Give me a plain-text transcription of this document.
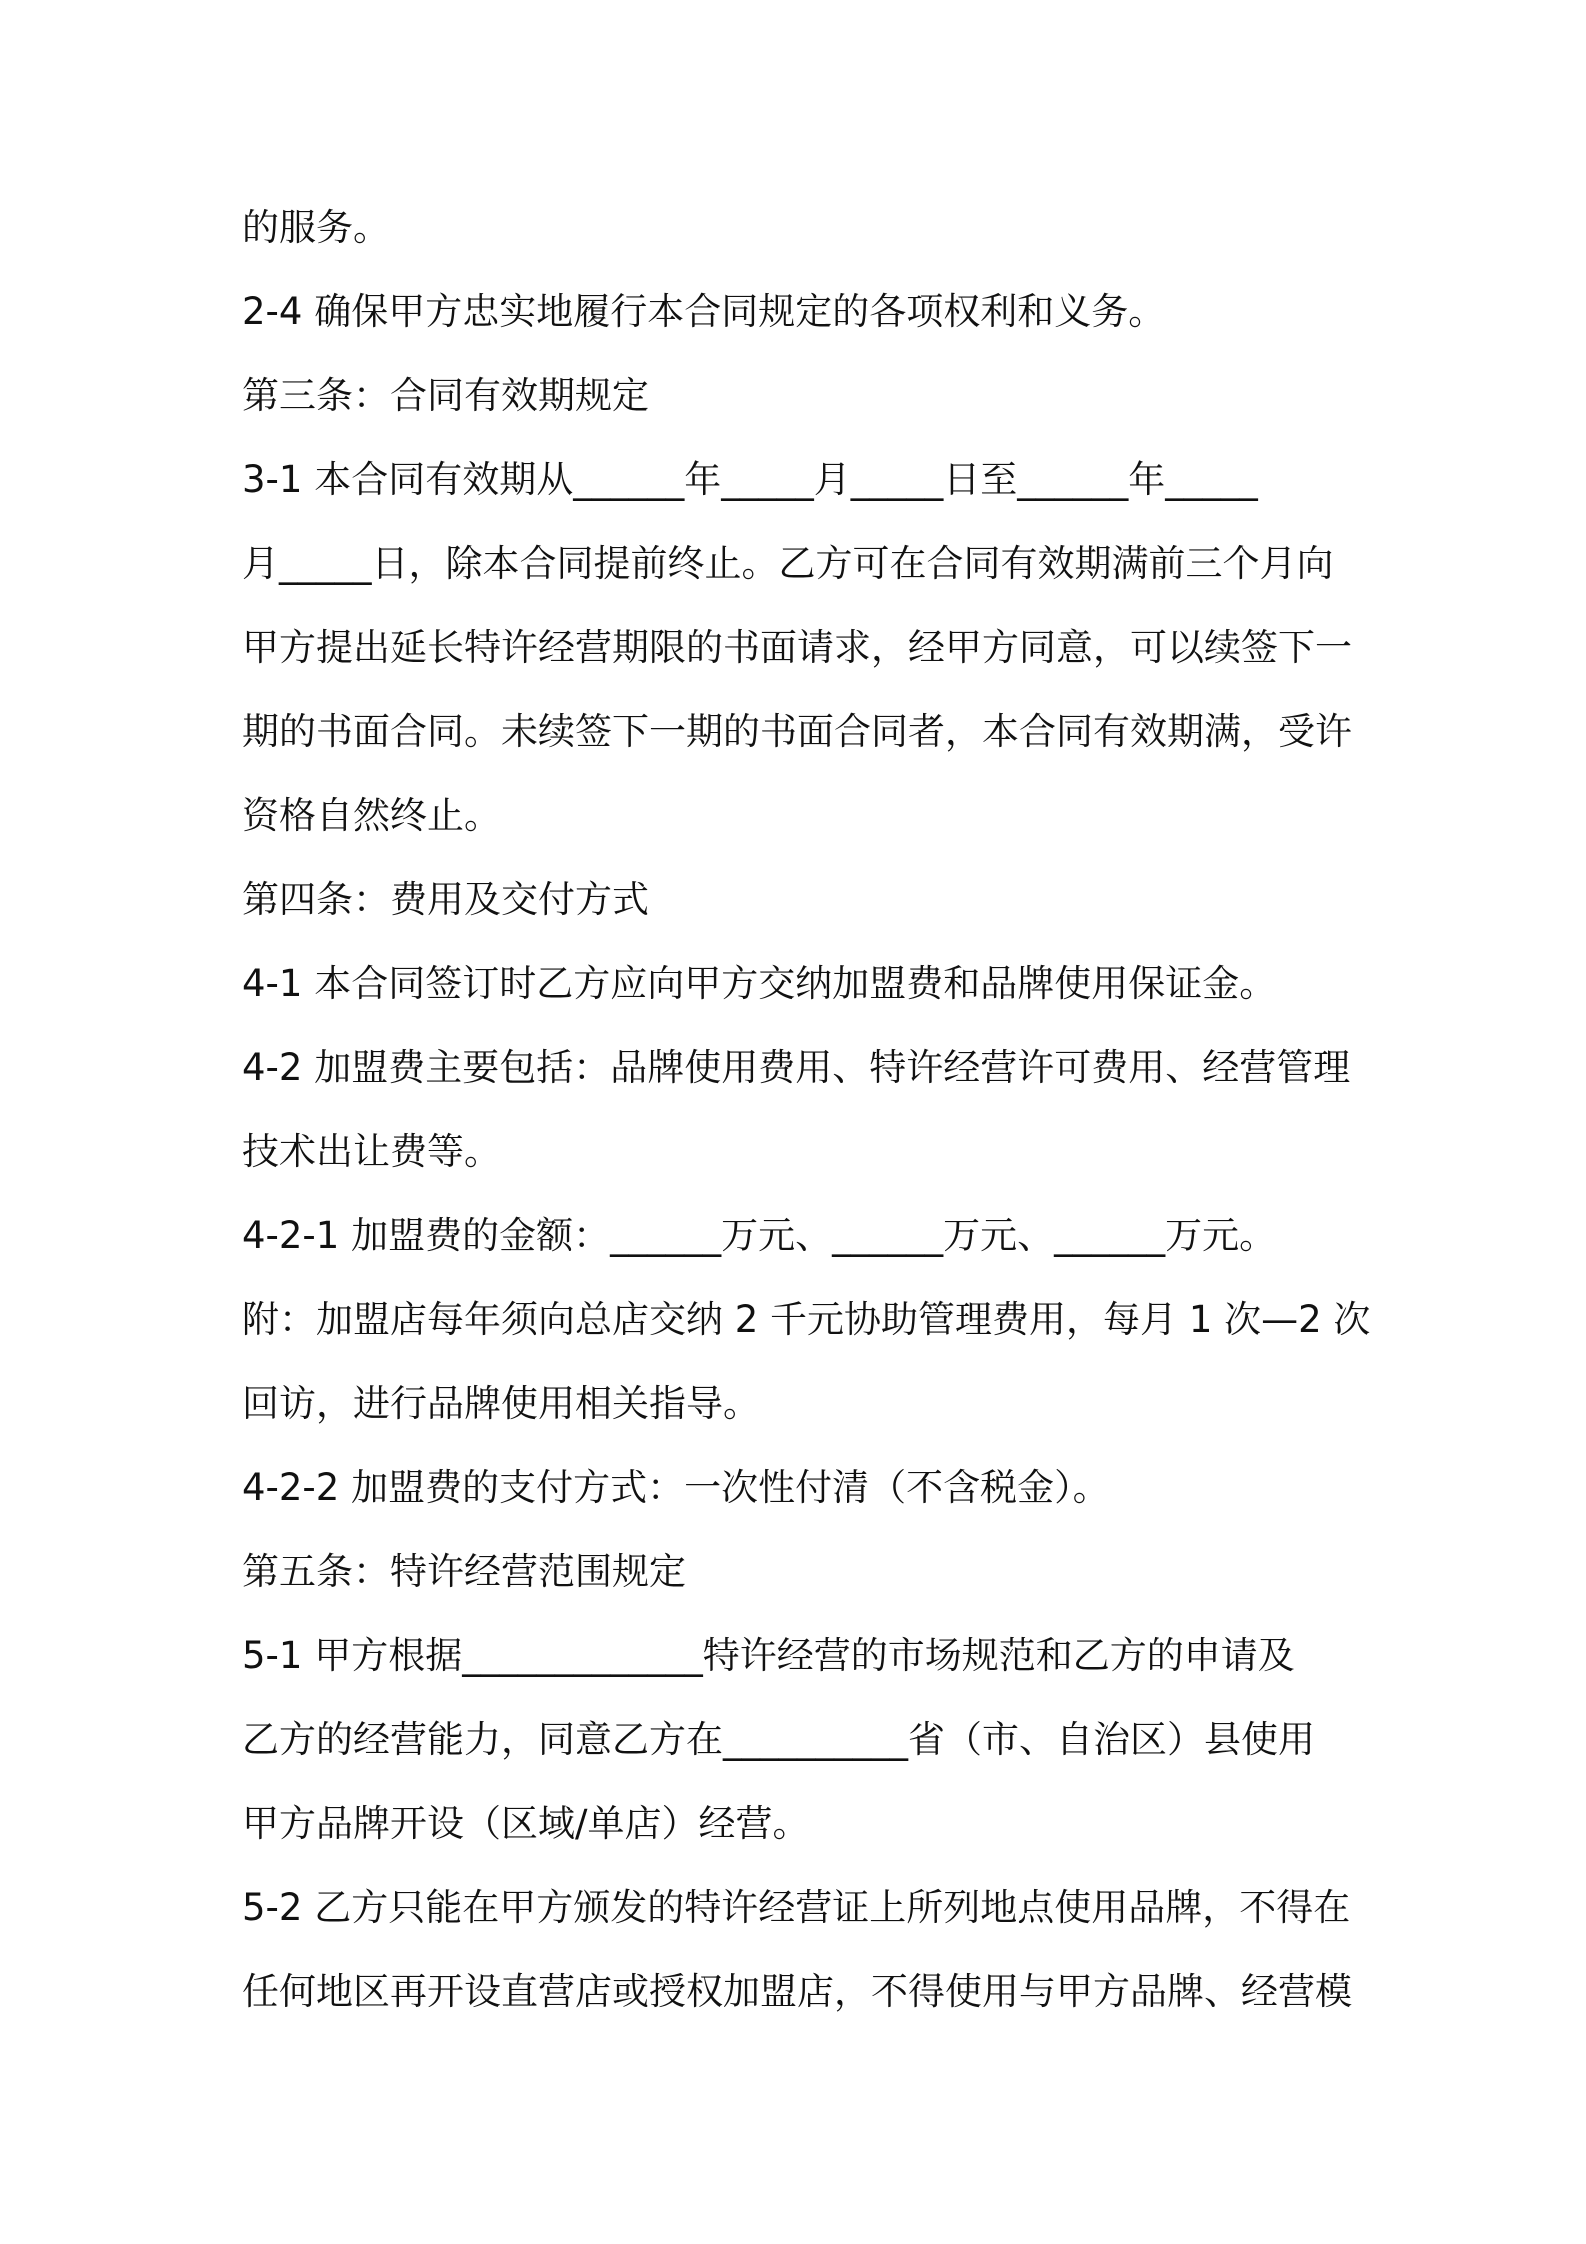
的服务。
2-4 确保甲方忠实地履行本合同规定的各项权利和义务。
第三条：合同有效期规定
3-1 本合同有效期从______年_____月_____日至______年_____
月_____日，除本合同提前终止。乙方可在合同有效期满前三个月向
甲方提出延长特许经营期限的书面请求，经甲方同意，可以续签下一
期的书面合同。未续签下一期的书面合同者，本合同有效期满，受许
资格自然终止。
第四条：费用及交付方式
4-1 本合同签订时乙方应向甲方交纳加盟费和品牌使用保证金。
4-2 加盟费主要包括：品牌使用费用、特许经营许可费用、经营管理
技术出让费等。
4-2-1 加盟费的金额：______万元、______万元、______万元。
附：加盟店每年须向总店交纳 2 千元协助管理费用，每月 1 次—2 次
回访，进行品牌使用相关指导。
4-2-2 加盟费的支付方式：一次性付清（不含税金）。
第五条：特许经营范围规定
5-1 甲方根据_____________特许经营的市场规范和乙方的申请及
乙方的经营能力，同意乙方在__________省（市、自治区）县使用
甲方品牌开设（区域/单店）经营。
5-2 乙方只能在甲方颁发的特许经营证上所列地点使用品牌，不得在
任何地区再开设直营店或授权加盟店，不得使用与甲方品牌、经营模
